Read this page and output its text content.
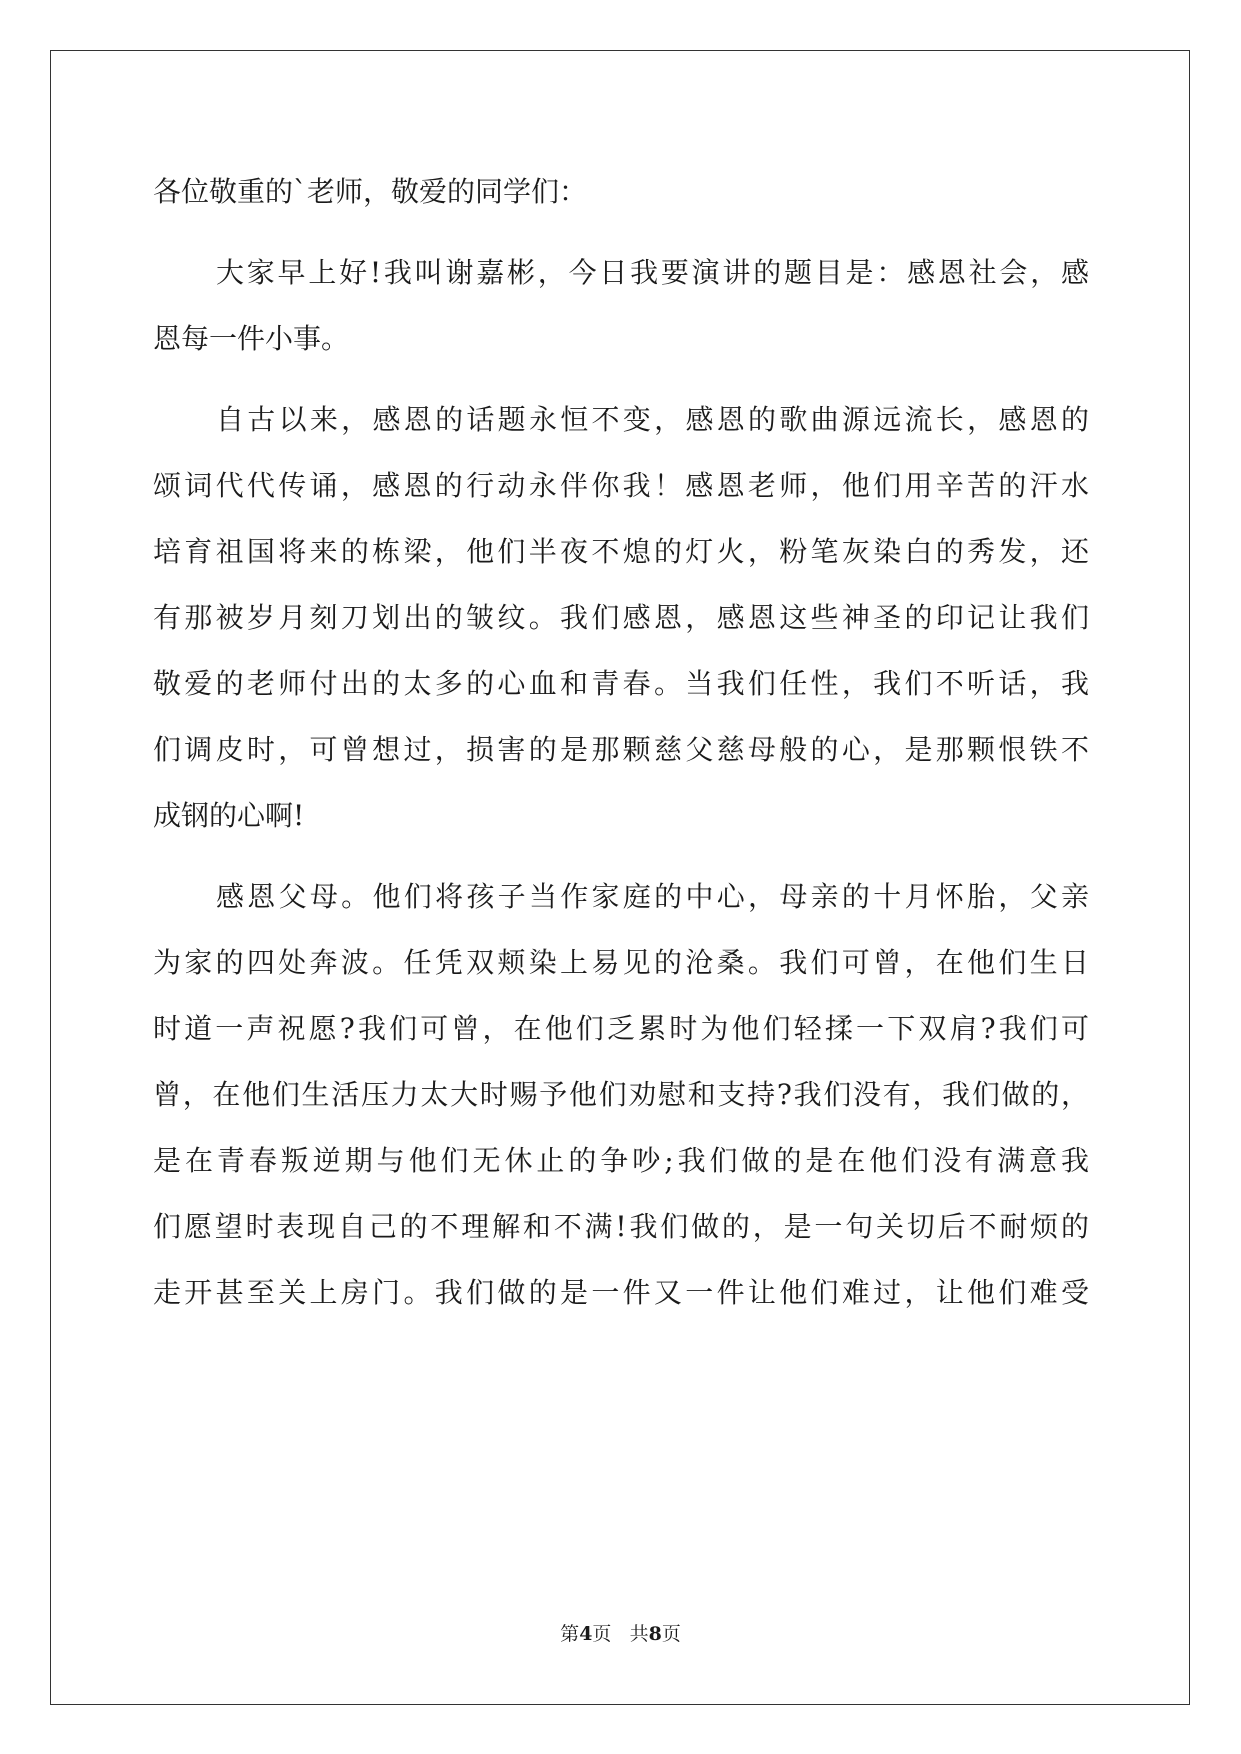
各位敬重的`老师，敬爱的同学们：
大家早上好!我叫谢嘉彬，今日我要演讲的题目是：感恩社会，感
恩每一件小事。
自古以来，感恩的话题永恒不变，感恩的歌曲源远流长，感恩的
颂词代代传诵，感恩的行动永伴你我！感恩老师，他们用辛苦的汗水
培育祖国将来的栋梁，他们半夜不熄的灯火，粉笔灰染白的秀发，还
有那被岁月刻刀划出的皱纹。我们感恩，感恩这些神圣的印记让我们
敬爱的老师付出的太多的心血和青春。当我们任性，我们不听话，我
们调皮时，可曾想过，损害的是那颗慈父慈母般的心，是那颗恨铁不
成钢的心啊!
感恩父母。他们将孩子当作家庭的中心，母亲的十月怀胎，父亲
为家的四处奔波。任凭双颊染上易见的沧桑。我们可曾，在他们生日
时道一声祝愿?我们可曾，在他们乏累时为他们轻揉一下双肩?我们可
曾，在他们生活压力太大时赐予他们劝慰和支持?我们没有，我们做的，
是在青春叛逆期与他们无休止的争吵;我们做的是在他们没有满意我
们愿望时表现自己的不理解和不满!我们做的，是一句关切后不耐烦的
走开甚至关上房门。我们做的是一件又一件让他们难过，让他们难受
第4页 共8页
